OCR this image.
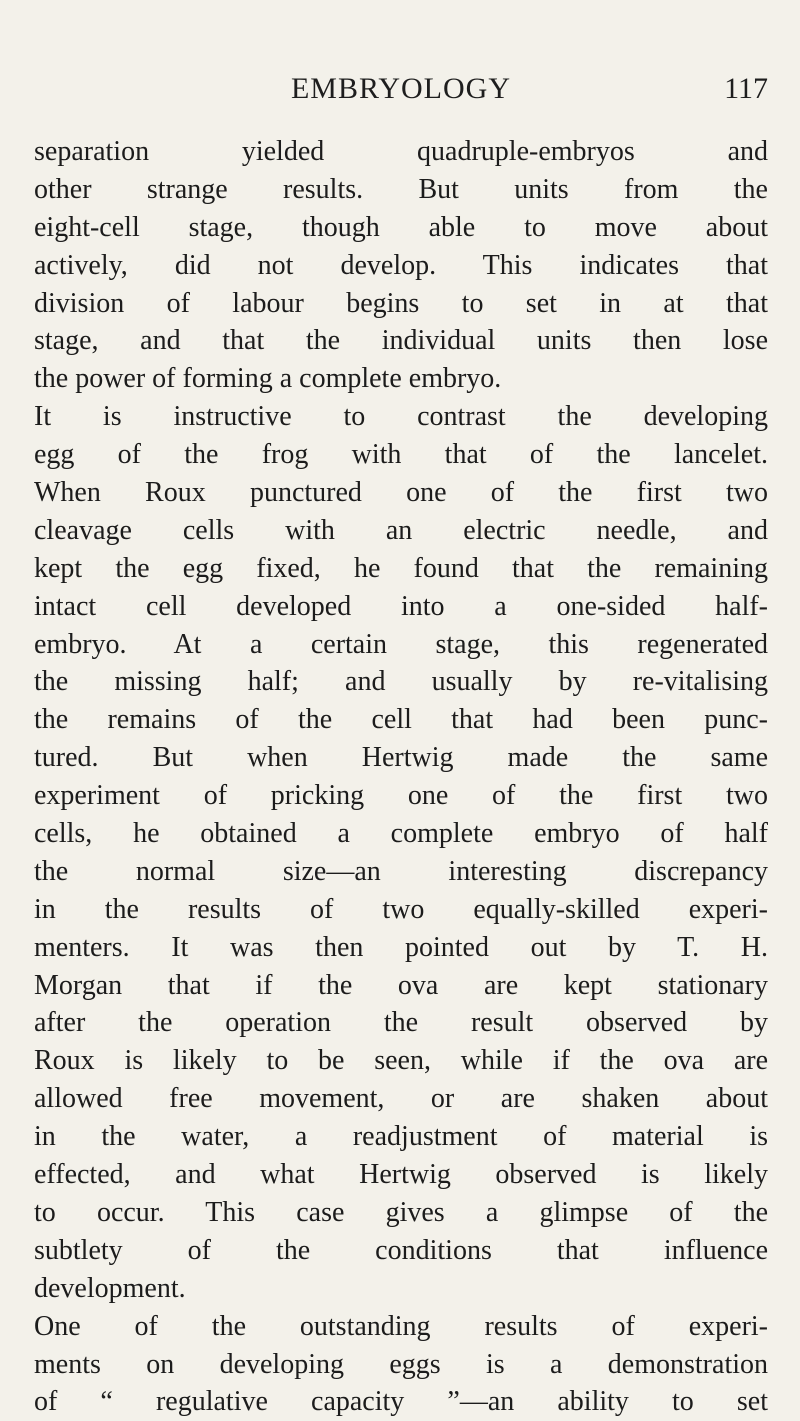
EMBRYOLOGY	117
separation yielded quadruple-embryos and
other strange results. But units from the
eight-cell stage, though able to move about
actively, did not develop. This indicates that
division of labour begins to set in at that
stage, and that the individual units then lose
the power of forming a complete embryo.
It is instructive to contrast the developing
egg of the frog with that of the lancelet.
When Roux punctured one of the first two
cleavage cells with an electric needle, and
kept the egg fixed, he found that the remaining
intact cell developed into a one-sided half-
embryo. At a certain stage, this regenerated
the missing half; and usually by re-vitalising
the remains of the cell that had been punc-
tured. But when Hertwig made the same
experiment of pricking one of the first two
cells, he obtained a complete embryo of half
the normal size—an interesting discrepancy
in the results of two equally-skilled experi-
menters. It was then pointed out by T. H.
Morgan that if the ova are kept stationary
after the operation the result observed by
Roux is likely to be seen, while if the ova are
allowed free movement, or are shaken about
in the water, a readjustment of material is
effected, and what Hertwig observed is likely
to occur. This case gives a glimpse of the
subtlety of the conditions that influence
development.
One of the outstanding results of experi-
ments on developing eggs is a demonstration
of “ regulative capacity ”—an ability to set
